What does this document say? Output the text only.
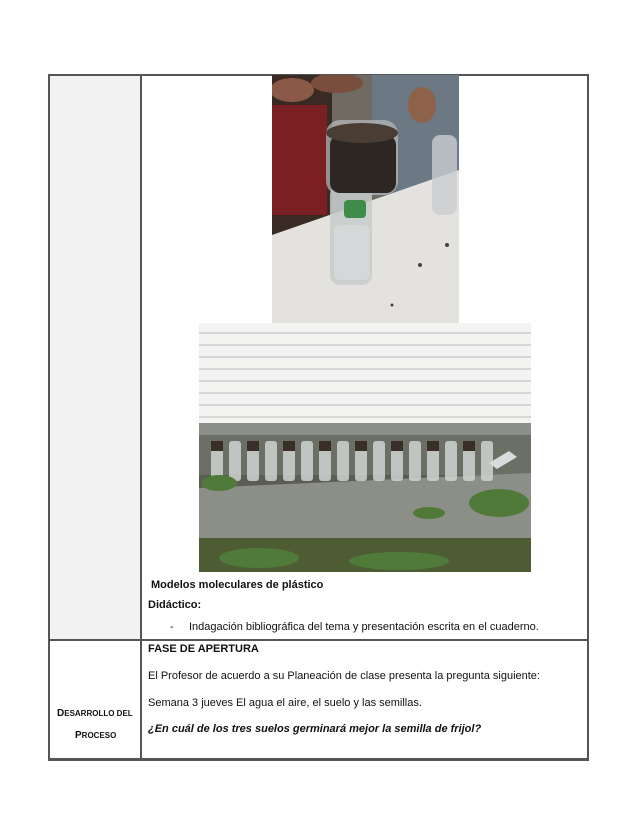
Modelos moleculares de plástico
Didáctico:
- Indagación bibliográfica del tema y presentación escrita en el cuaderno.
DESARROLLO DEL
PROCESO
FASE DE APERTURA
El Profesor de acuerdo a su Planeación de clase presenta la pregunta siguiente:
Semana 3 jueves El agua el aire, el suelo y las semillas.
¿En cuál de los tres suelos germinará mejor la semilla de frijol?
